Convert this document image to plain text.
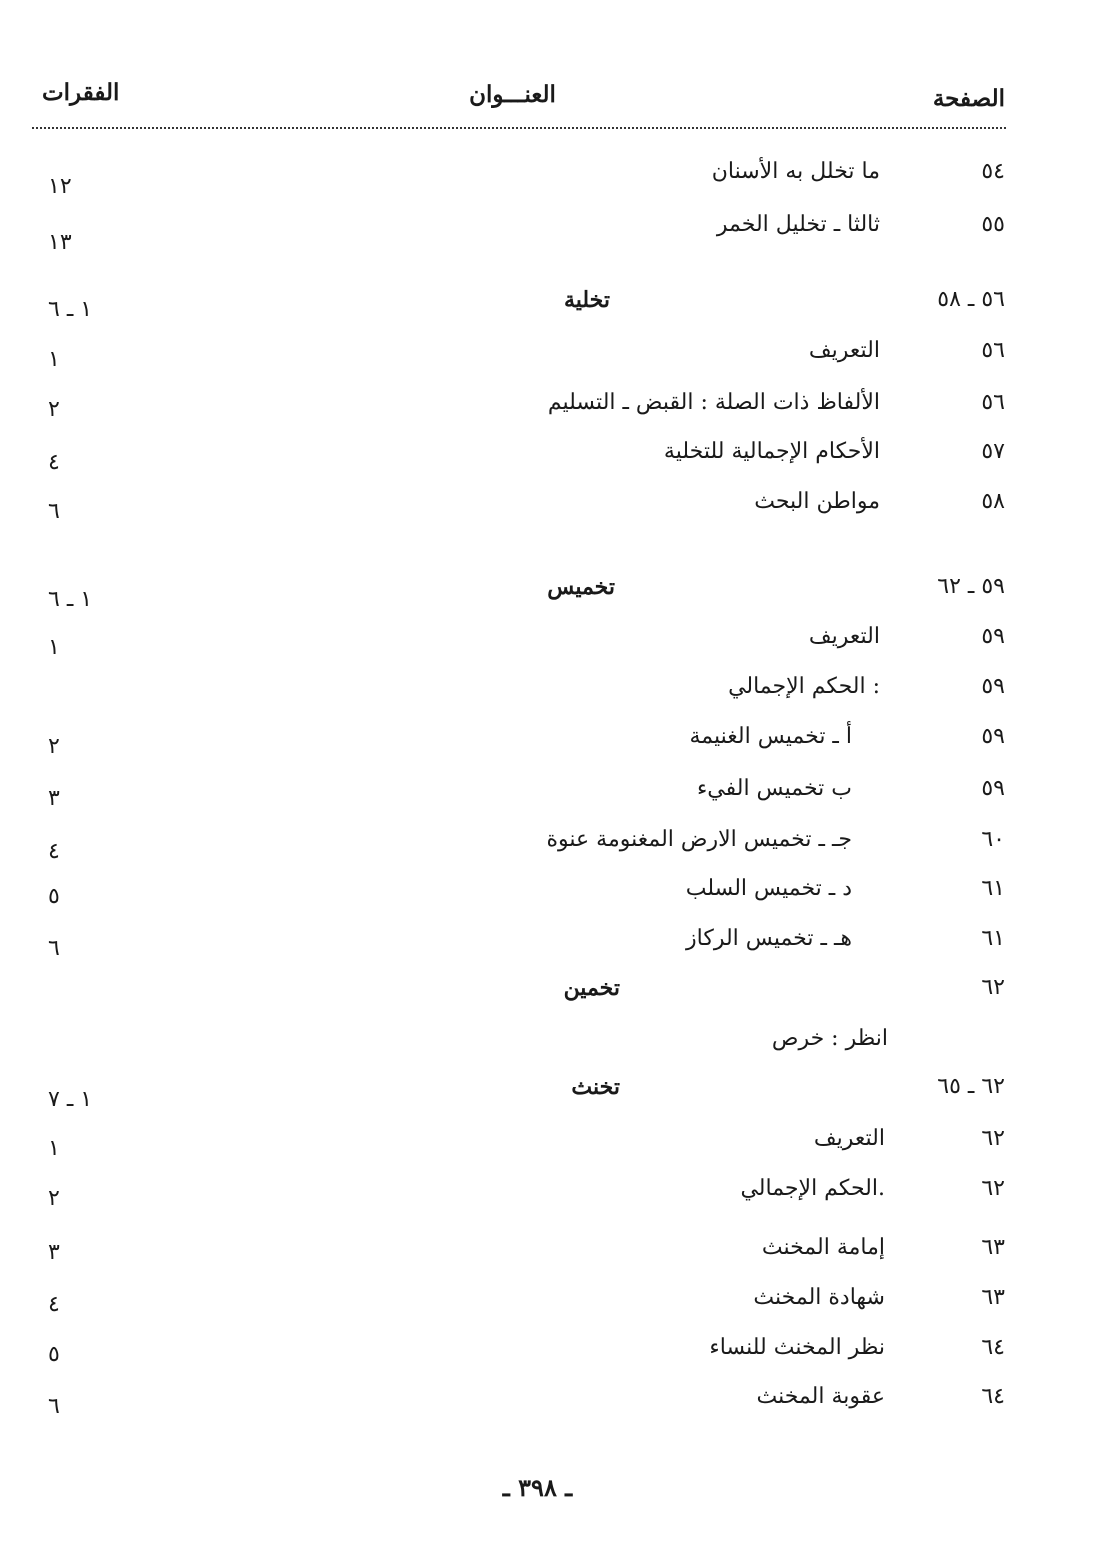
الصفحة
العنـــوان
الفقرات
٥٤
ما تخلل به الأسنان
١٢
٥٥
ثالثا ـ تخليل الخمر
١٣
٥٦ ـ ٥٨
تخلية
١ ـ ٦
٥٦
التعريف
١
٥٦
الألفاظ ذات الصلة : القبض ـ التسليم
٢
٥٧
الأحكام الإجمالية للتخلية
٤
٥٨
مواطن البحث
٦
٥٩ ـ ٦٢
تخميس
١ ـ ٦
٥٩
التعريف
١
٥٩
الحكم الإجمالي :
٥٩
أ ـ تخميس الغنيمة
٢
٥٩
ب تخميس الفيء
٣
٦٠
جـ ـ تخميس الارض المغنومة عنوة
٤
٦١
د ـ تخميس السلب
٥
٦١
هـ ـ تخميس الركاز
٦
٦٢
تخمين
انظر : خرص
٦٢ ـ ٦٥
تخنث
١ ـ ٧
٦٢
التعريف
١
٦٢
الحكم الإجمالي.
٢
٦٣
إمامة المخنث
٣
٦٣
شهادة المخنث
٤
٦٤
نظر المخنث للنساء
٥
٦٤
عقوبة المخنث
٦
ـ ٣٩٨ ـ
